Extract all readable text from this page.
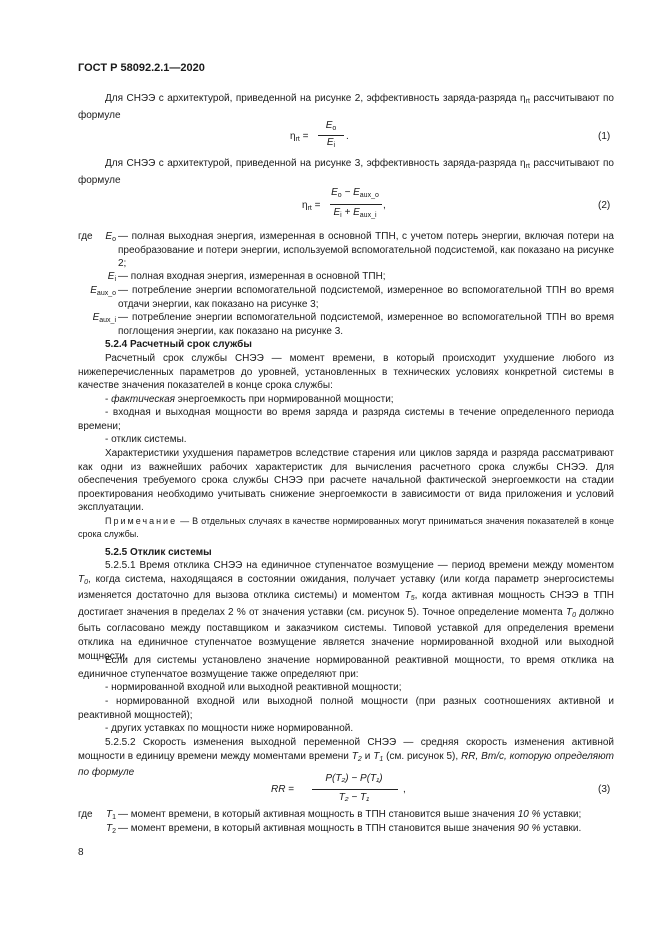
ГОСТ Р 58092.2.1—2020
Для СНЭЭ с архитектурой, приведенной на рисунке 2, эффективность заряда-разряда $\eta_{rt}$ рассчитывают по формуле
$\eta_{rt}$ =
$E_o$
$E_i$
.	(1)
Для СНЭЭ с архитектурой, приведенной на рисунке 3, эффективность заряда-разряда $\eta_{rt}$ рассчитывают по формуле
$\eta_{rt}$ =
$E_o - E_{aux\_o}$
$E_i + E_{aux\_i}$
,	(2)
где	$E_o$ — полная выходная энергия, измеренная в основной ТПН, с учетом потерь энергии, включая потери на преобразование и потери энергии, используемой вспомогательной подсистемой, как показано на рисунке 2;
$E_i$ — полная входная энергия, измеренная в основной ТПН;
$E_{aux\_o}$ — потребление энергии вспомогательной подсистемой, измеренное во вспомогательной ТПН во время отдачи энергии, как показано на рисунке 3;
$E_{aux\_i}$ — потребление энергии вспомогательной подсистемой, измеренное во вспомогательной ТПН во время поглощения энергии, как показано на рисунке 3.
5.2.4 Расчетный срок службы
Расчетный срок службы СНЭЭ — момент времени, в который происходит ухудшение любого из нижеперечисленных параметров до уровней, установленных в технических условиях конкретной системы в качестве значения показателей в конце срока службы:
- фактическая энергоемкость при нормированной мощности;
- входная и выходная мощности во время заряда и разряда системы в течение определенного периода времени;
- отклик системы.
Характеристики ухудшения параметров вследствие старения или циклов заряда и разряда рассматривают как одни из важнейших рабочих характеристик для вычисления расчетного срока службы СНЭЭ. Для обеспечения требуемого срока службы СНЭЭ при расчете начальной фактической энергоемкости на стадии проектирования необходимо учитывать снижение энергоемкости в зависимости от вида приложения и условий эксплуатации.
Примечание — В отдельных случаях в качестве нормированных могут приниматься значения показателей в конце срока службы.
5.2.5 Отклик системы
5.2.5.1 Время отклика СНЭЭ на единичное ступенчатое возмущение — период времени между моментом $T_0$, когда система, находящаяся в состоянии ожидания, получает уставку (или когда параметр энергосистемы изменяется достаточно для вызова отклика системы) и моментом $T_5$, когда активная мощность СНЭЭ в ТПН достигает значения в пределах 2 % от значения уставки (см. рисунок 5). Точное определение момента $T_0$ должно быть согласовано между поставщиком и заказчиком системы. Типовой уставкой для определения времени отклика на единичное ступенчатое возмущение является значение нормированной входной или выходной мощности.
Если для системы установлено значение нормированной реактивной мощности, то время отклика на единичное ступенчатое возмущение также определяют при:
- нормированной входной или выходной реактивной мощности;
- нормированной входной или выходной полной мощности (при разных соотношениях активной и реактивной мощностей);
- других уставках по мощности ниже нормированной.
5.2.5.2 Скорость изменения выходной переменной СНЭЭ — средняя скорость изменения активной мощности в единицу времени между моментами времени $T_2$ и $T_1$ (см. рисунок 5), RR, Вт/с, которую определяют по формуле
RR =
P(T₂) − P(T₁)
T₂ − T₁
,	(3)
где	$T_1$ — момент времени, в который активная мощность в ТПН становится выше значения 10 % уставки;
$T_2$ — момент времени, в который активная мощность в ТПН становится выше значения 90 % уставки.
8
